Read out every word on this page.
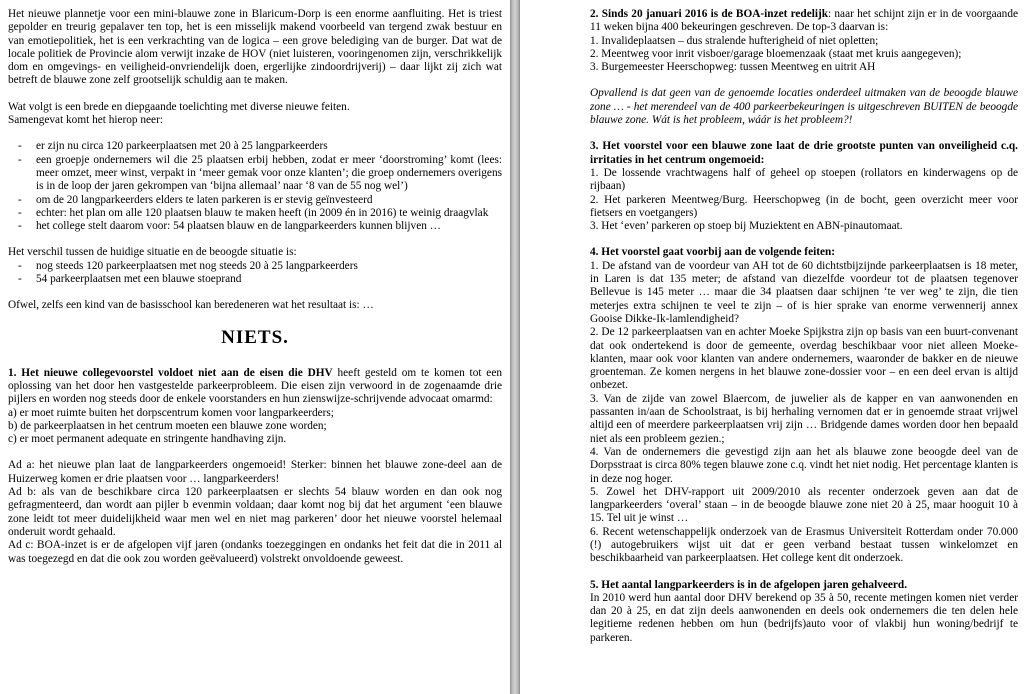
Het nieuwe plannetje voor een mini-blauwe zone in Blaricum-Dorp is een enorme aanfluiting. Het is triest gepolder en treurig gepalaver ten top, het is een misselijk makend voorbeeld van tergend zwak bestuur en van emotiepolitiek, het is een verkrachting van de logica – een grove belediging van de burger. Dat wat de locale politiek de Provincie alom verwijt inzake de HOV (niet luisteren, vooringenomen zijn, verschrikkelijk dom en omgevings- en veiligheid-onvriendelijk doen, ergerlijke zindoordrijverij) – daar lijkt zij zich wat betreft de blauwe zone zelf grootselijk schuldig aan te maken.

Wat volgt is een brede en diepgaande toelichting met diverse nieuwe feiten.

Samengevat komt het hierop neer:

- er zijn nu circa 120 parkeerplaatsen met 20 à 25 langparkeerders
- een groepje ondernemers wil die 25 plaatsen erbij hebben, zodat er meer ‘doorstroming’ komt (lees: meer omzet, meer winst, verpakt in ‘meer gemak voor onze klanten’; die groep ondernemers overigens is in de loop der jaren gekrompen van ‘bijna allemaal’ naar ‘8 van de 55 nog wel’)
- om de 20 langparkeerders elders te laten parkeren is er stevig geïnvesteerd
- echter: het plan om alle 120 plaatsen blauw te maken heeft (in 2009 én in 2016) te weinig draagvlak
- het college stelt daarom voor: 54 plaatsen blauw en de langparkeerders kunnen blijven …

Het verschil tussen de huidige situatie en de beoogde situatie is:

- nog steeds 120 parkeerplaatsen met nog steeds 20 à 25 langparkeerders
- 54 parkeerplaatsen met een blauwe stoeprand

Ofwel, zelfs een kind van de basisschool kan beredeneren wat het resultaat is: …

NIETS.

1. Het nieuwe collegevoorstel voldoet niet aan de eisen die DHV heeft gesteld om te komen tot een oplossing van het door hen vastgestelde parkeerprobleem. Die eisen zijn verwoord in de zogenaamde drie pijlers en worden nog steeds door de enkele voorstanders en hun zienswijze-schrijvende advocaat omarmd:

a) er moet ruimte buiten het dorpscentrum komen voor langparkeerders;

b) de parkeerplaatsen in het centrum moeten een blauwe zone worden;

c) er moet permanent adequate en stringente handhaving zijn.

Ad a: het nieuwe plan laat de langparkeerders ongemoeid! Sterker: binnen het blauwe zone-deel aan de Huizerweg komen er drie plaatsen voor … langparkeerders!

Ad b: als van de beschikbare circa 120 parkeerplaatsen er slechts 54 blauw worden en dan ook nog gefragmenteerd, dan wordt aan pijler b evenmin voldaan; daar komt nog bij dat het argument ‘een blauwe zone leidt tot meer duidelijkheid waar men wel en niet mag parkeren’ door het nieuwe voorstel helemaal onderuit wordt gehaald.

Ad c: BOA-inzet is er de afgelopen vijf jaren (ondanks toezeggingen en ondanks het feit dat die in 2011 al was toegezegd en dat die ook zou worden geëvalueerd) volstrekt onvoldoende geweest.

2. Sinds 20 januari 2016 is de BOA-inzet redelijk: naar het schijnt zijn er in de voorgaande 11 weken bijna 400 bekeuringen geschreven. De top-3 daarvan is:

1. Invalideplaatsen – dus stralende hufterigheid of niet opletten;

2. Meentweg voor inrit visboer/garage bloemenzaak (staat met kruis aangegeven);

3. Burgemeester Heerschopweg: tussen Meentweg en uitrit AH

Opvallend is dat geen van de genoemde locaties onderdeel uitmaken van de beoogde blauwe zone … - het merendeel van de 400 parkeerbekeuringen is uitgeschreven BUITEN de beoogde blauwe zone. Wát is het probleem, wáár is het probleem?!

3. Het voorstel voor een blauwe zone laat de drie grootste punten van onveiligheid c.q. irritaties in het centrum ongemoeid:

1. De lossende vrachtwagens half of geheel op stoepen (rollators en kinderwagens op de rijbaan)

2. Het parkeren Meentweg/Burg. Heerschopweg (in de bocht, geen overzicht meer voor fietsers en voetgangers)

3. Het ‘even’ parkeren op stoep bij Muziektent en ABN-pinautomaat.

4. Het voorstel gaat voorbij aan de volgende feiten:

1. De afstand van de voordeur van AH tot de 60 dichtstbijzijnde parkeerplaatsen is 18 meter, in Laren is dat 135 meter; de afstand van diezelfde voordeur tot de plaatsen tegenover Bellevue is 145 meter … maar die 34 plaatsen daar schijnen ‘te ver weg’ te zijn, die tien meterjes extra schijnen te veel te zijn – of is hier sprake van enorme verwennerij annex Gooise Dikke-Ik-lamlendigheid?

2. De 12 parkeerplaatsen van en achter Moeke Spijkstra zijn op basis van een buurt-convenant dat ook ondertekend is door de gemeente, overdag beschikbaar voor niet alleen Moeke-klanten, maar ook voor klanten van andere ondernemers, waaronder de bakker en de nieuwe groenteman. Ze komen nergens in het blauwe zone-dossier voor – en een deel ervan is altijd onbezet.

3. Van de zijde van zowel Blaercom, de juwelier als de kapper en van aanwonenden en passanten in/aan de Schoolstraat, is bij herhaling vernomen dat er in genoemde straat vrijwel altijd een of meerdere parkeerplaatsen vrij zijn … Bridgende dames worden door hen bepaald niet als een probleem gezien.;

4. Van de ondernemers die gevestigd zijn aan het als blauwe zone beoogde deel van de Dorpsstraat is circa 80% tegen blauwe zone c.q. vindt het niet nodig. Het percentage klanten is in deze nog hoger.

5. Zowel het DHV-rapport uit 2009/2010 als recenter onderzoek geven aan dat de langparkeerders ‘overal’ staan – in de beoogde blauwe zone niet 20 à 25, maar hooguit 10 à 15. Tel uit je winst …

6. Recent wetenschappelijk onderzoek van de Erasmus Universiteit Rotterdam onder 70.000 (!) autogebruikers wijst uit dat er geen verband bestaat tussen winkelomzet en beschikbaarheid van parkeerplaatsen. Het college kent dit onderzoek.

5. Het aantal langparkeerders is in de afgelopen jaren gehalveerd.

In 2010 werd hun aantal door DHV berekend op 35 à 50, recente metingen komen niet verder dan 20 à 25, en dat zijn deels aanwonenden en deels ook ondernemers die ten delen hele legitieme redenen hebben om hun (bedrijfs)auto voor of vlakbij hun woning/bedrijf te parkeren.
